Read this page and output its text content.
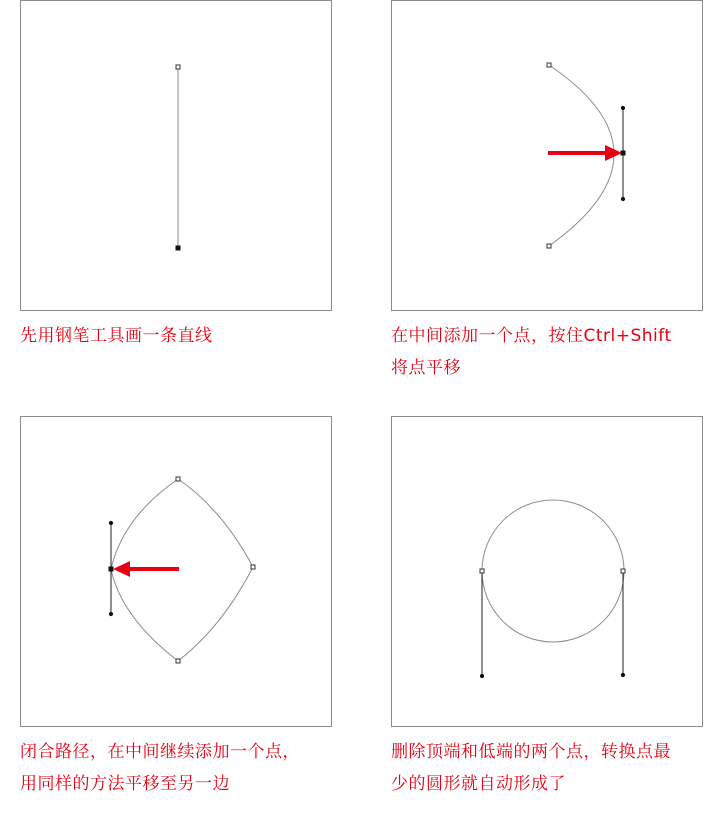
先用钢笔工具画一条直线	在中间添加一个点，按住Ctrl+Shift
将点平移
闭合路径，在中间继续添加一个点，
用同样的方法平移至另一边
删除顶端和低端的两个点，转换点最
少的圆形就自动形成了
